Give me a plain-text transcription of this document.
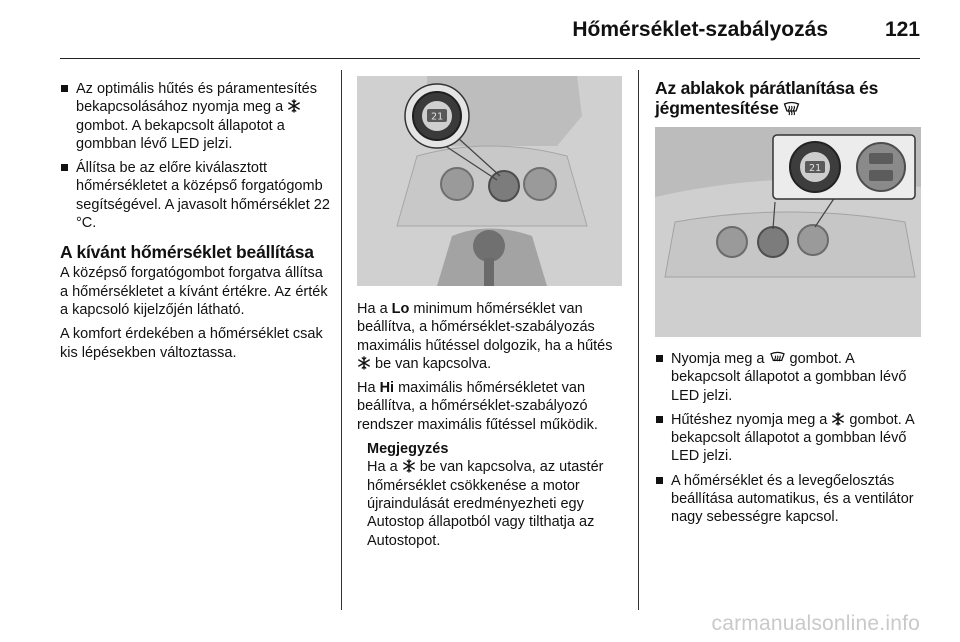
Hőmérséklet-szabályozás	121
Az optimális hűtés és páramentesítés bekapcsolásához nyomja meg a
gombot. A bekapcsolt állapotot a gombban lévő LED jelzi.
Állítsa be az előre kiválasztott hőmérsékletet a középső forgatógomb segítségével. A javasolt hőmérséklet 22 °C.
A kívánt hőmérséklet beállítása

A középső forgatógombot forgatva állítsa a hőmérsékletet a kívánt értékre. Az érték a kapcsoló kijelzőjén látható.

A komfort érdekében a hőmérséklet csak kis lépésekben változtassa.

21

Ha a Lo minimum hőmérséklet van beállítva, a hőmérséklet-szabályozás maximális hűtéssel dolgozik, ha a hűtés
be van kapcsolva.

Ha Hi maximális hőmérsékletet van beállítva, a hőmérséklet-szabályozó rendszer maximális fűtéssel működik.

Megjegyzés
Ha a
be van kapcsolva, az utastér hőmérséklet csökkenése a motor újraindulását eredményezheti egy Autostop állapotból vagy tilthatja az Autostopot.
Az ablakok párátlanítása és jégmentesítése
21
Nyomja meg a
gombot. A bekapcsolt állapotot a gombban lévő LED jelzi.
Hűtéshez nyomja meg a
gombot. A bekapcsolt állapotot a gombban lévő LED jelzi.
A hőmérséklet és a levegőelosztás beállítása automatikus, és a ventilátor nagy sebességre kapcsol.
carmanualsonline.info
